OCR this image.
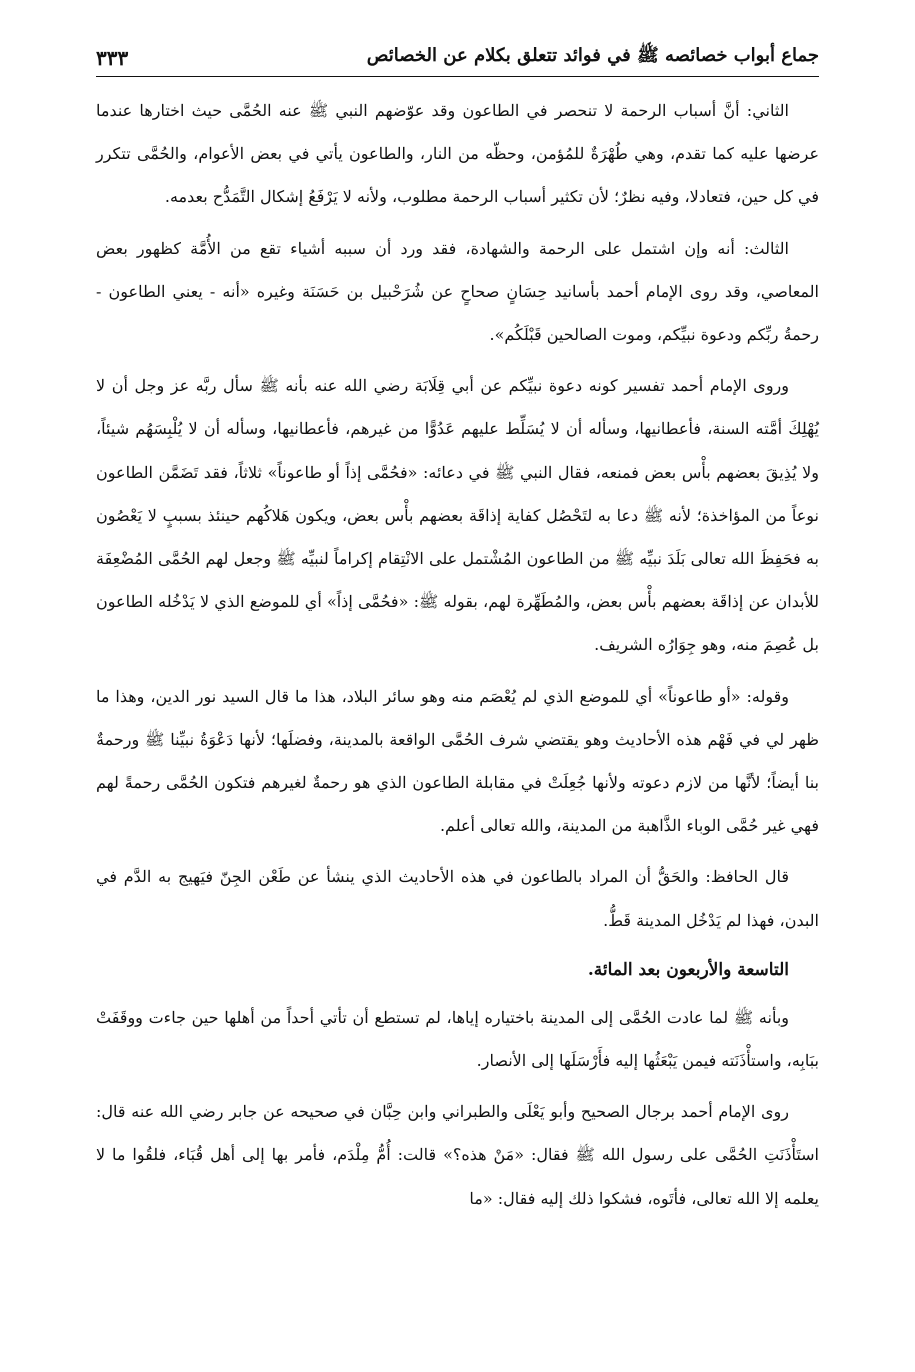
جماع أبواب خصائصه ﷺ في فوائد تتعلق بكلام عن الخصائص
٣٣٣

الثاني: أنَّ أسباب الرحمة لا تنحصر في الطاعون وقد عوّضهم النبي ﷺ عنه الحُمَّى حيث اختارها عندما عرضها عليه كما تقدم، وهي طُهْرَةٌ للمُؤمن، وحظّه من النار، والطاعون يأتي في بعض الأعوام، والحُمَّى تتكرر في كل حين، فتعادلا، وفيه نظرٌ؛ لأن تكثير أسباب الرحمة مطلوب، ولأنه لا يَرْفَعُ إشكال التَّمَدُّح بعدمه.

الثالث: أنه وإن اشتمل على الرحمة والشهادة، فقد ورد أن سببه أشياء تقع من الأُمَّة كظهور بعض المعاصي، وقد روى الإمام أحمد بأسانيد حِسَانٍ صحاحٍ عن شُرَحْبيل بن حَسَنَة وغيره «أنه - يعني الطاعون - رحمةُ ربِّكم ودعوة نبيِّكم، وموت الصالحين قَبْلَكُم».

وروى الإمام أحمد تفسير كونه دعوة نبيِّكم عن أبي قِلَابَة رضي الله عنه بأنه ﷺ سأل ربَّه عز وجل أن لا يُهْلِكَ أمَّته السنة، فأعطانيها، وسأله أن لا يُسَلِّط عليهم عَدُوًّا من غيرهم، فأعطانيها، وسأله أن لا يُلْبِسَهُم شيئاً، ولا يُذِيقَ بعضهم بأْس بعض فمنعه، فقال النبي ﷺ في دعائه: «فحُمَّى إذاً أو طاعوناً» ثلاثاً، فقد تَضَمَّن الطاعون نوعاً من المؤاخذة؛ لأنه ﷺ دعا به لتَحْصُل كفاية إذاقَة بعضهم بأْس بعض، ويكون هَلاكُهم حينئذ بسببٍ لا يَعْصُون به فحَفِظَ الله تعالى بَلَدَ نبيِّه ﷺ من الطاعون المُشْتمل على الانْتِقام إكراماً لنبيِّه ﷺ وجعل لهم الحُمَّى المُضْعِفَة للأبدان عن إذاقَة بعضهم بأْس بعض، والمُطَهِّرة لهم، بقوله ﷺ: «فحُمَّى إذاً» أي للموضع الذي لا يَدْخُله الطاعون بل عُصِمَ منه، وهو جِوَارُه الشريف.

وقوله: «أو طاعوناً» أي للموضع الذي لم يُعْصَم منه وهو سائر البلاد، هذا ما قال السيد نور الدين، وهذا ما ظهر لي في فَهْم هذه الأحاديث وهو يقتضي شرف الحُمَّى الواقعة بالمدينة، وفضلَها؛ لأنها دَعْوَةُ نبيِّنا ﷺ ورحمةٌ بنا أيضاً؛ لأنَّها من لازم دعوته ولأنها جُعِلَتْ في مقابلة الطاعون الذي هو رحمةٌ لغيرهم فتكون الحُمَّى رحمةً لهم فهي غير حُمَّى الوباء الذَّاهبة من المدينة، والله تعالى أعلم.

قال الحافظ: والحَقُّ أن المراد بالطاعون في هذه الأحاديث الذي ينشأ عن طَعْن الجِنّ فيَهيج به الدَّم في البدن، فهذا لم يَدْخُل المدينة قَطُّ.

التاسعة والأربعون بعد المائة.

وبأنه ﷺ لما عادت الحُمَّى إلى المدينة باختياره إياها، لم تستطع أن تأتي أحداً من أهلها حين جاءت ووقَفَتْ ببَابِه، واستأْذَنَته فيمن يَبْعَثُها إليه فأَرْسَلَها إلى الأنصار.

روى الإمام أحمد برجال الصحيح وأبو يَعْلَى والطبراني وابن حِبَّان في صحيحه عن جابر رضي الله عنه قال: استَأْذَنَتِ الحُمَّى على رسول الله ﷺ فقال: «مَنْ هذه؟» قالت: أُمُّ مِلْدَم، فأمر بها إلى أهل قُبَاء، فلقُوا ما لا يعلمه إلا الله تعالى، فأتَوه، فشكوا ذلك إليه فقال: «ما
